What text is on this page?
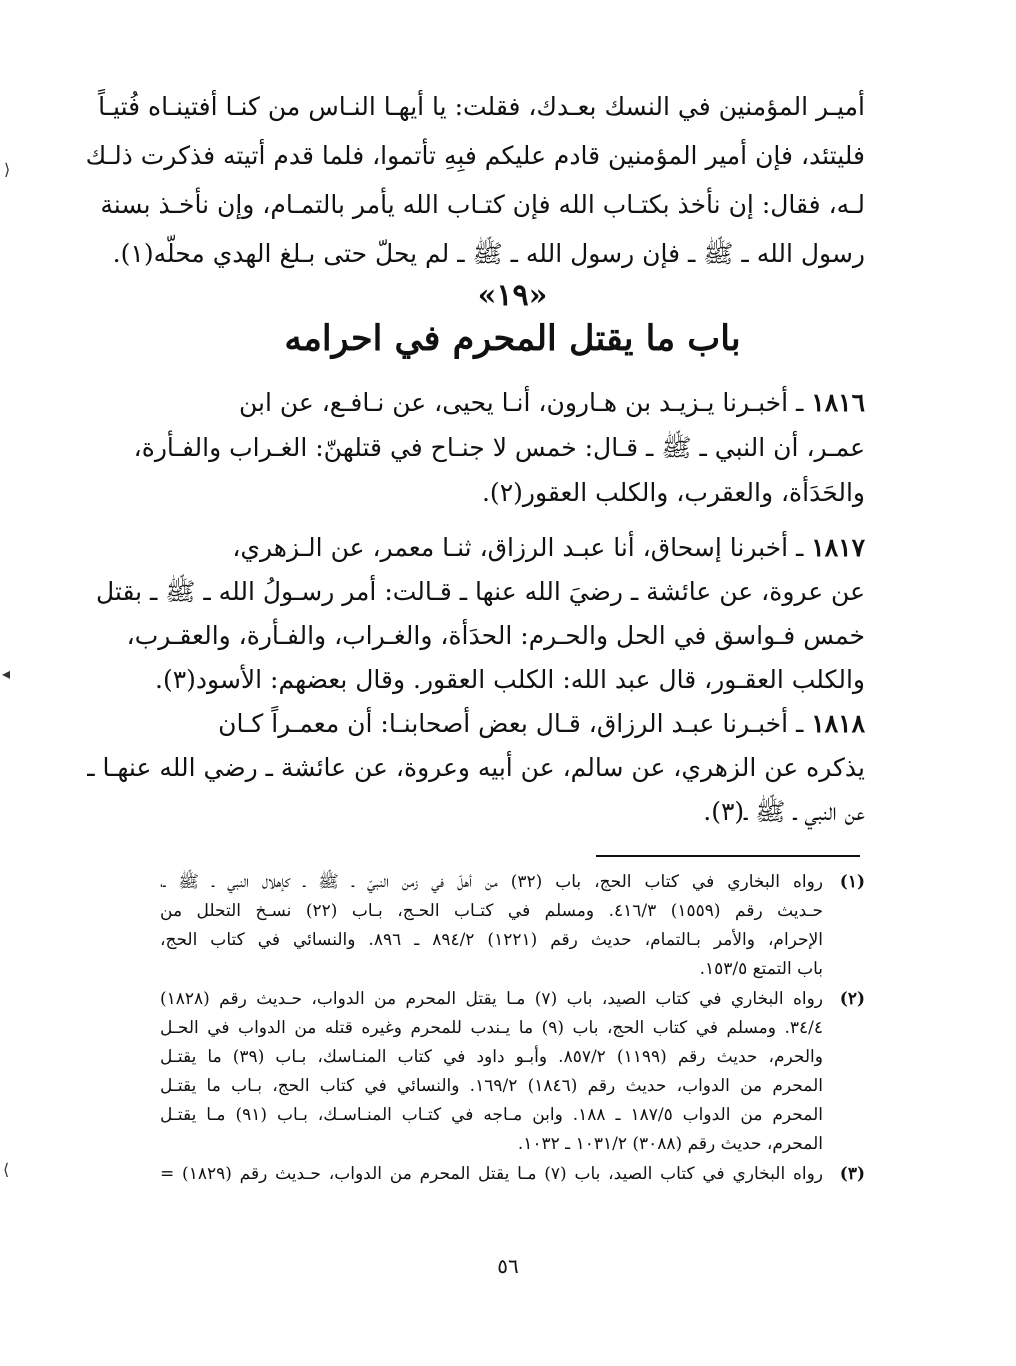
أميـر المؤمنين في النسك بعـدك، فقلت: يا أيهـا النـاس من كنـا أفتينـاه فُتيـاً
فليتئد، فإن أمير المؤمنين قادم عليكم فبِهِ تأتموا، فلما قدم أتيته فذكرت ذلـك
لـه، فقال: إن نأخذ بكتـاب الله فإن كتـاب الله يأمر بالتمـام، وإن نأخـذ بسنة
رسول الله ـ ﷺ ـ فإن رسول الله ـ ﷺ ـ لم يحلّ حتى بـلغ الهدي محلّه(١).
«١٩»
باب ما يقتل المحرم في احرامه
١٨١٦ ـ أخبـرنا يـزيـد بن هـارون، أنـا يحيى، عن نـافـع، عن ابن
عمـر، أن النبي ـ ﷺ ـ قـال: خمس لا جنـاح في قتلهنّ: الغـراب والفـأرة،
والحَدَأة، والعقرب، والكلب العقور(٢).
١٨١٧ ـ أخبرنا إسحاق، أنا عبـد الرزاق، ثنـا معمر، عن الـزهري،
عن عروة، عن عائشة ـ رضيَ الله عنها ـ قـالت: أمر رسـولُ الله ـ ﷺ ـ بقتل
خمس فـواسق في الحل والحـرم: الحدَأة، والغـراب، والفـأرة، والعقـرب،
والكلب العقـور، قال عبد الله: الكلب العقور. وقال بعضهم: الأسود(٣).
١٨١٨ ـ أخبـرنا عبـد الرزاق، قـال بعض أصحابنـا: أن معمـراً كـان
يذكره عن الزهري، عن سالم، عن أبيه وعروة، عن عائشة ـ رضي الله عنهـا ـ
عن النبي ـ ﷺ ـ(٣).
(١)
رواه البخاري في كتاب الحج، باب (٣٢) من أهلّ في زمن النبيّ ـ ﷺ ـ كإهلال النبي ـ ﷺ ـ،
حـديث رقم (١٥٥٩) ٤١٦/٣. ومسلم في كتـاب الحـج، بـاب (٢٢) نسـخ التحلل من
الإحرام، والأمر بـالتمام، حديث رقم (١٢٢١) ٨٩٤/٢ ـ ٨٩٦. والنسائي في كتاب الحج،
باب التمتع ١٥٣/٥.
(٢)
رواه البخاري في كتاب الصيد، باب (٧) مـا يقتل المحرم من الدواب، حـديث رقم (١٨٢٨)
٣٤/٤. ومسلم في كتاب الحج، باب (٩) ما يـندب للمحرم وغيره قتله من الدواب في الحـل
والحرم، حديث رقم (١١٩٩) ٨٥٧/٢. وأبـو داود في كتاب المنـاسك، بـاب (٣٩) ما يقتـل
المحرم من الدواب، حديث رقم (١٨٤٦) ١٦٩/٢. والنسائي في كتاب الحج، بـاب ما يقتـل
المحرم من الدواب ١٨٧/٥ ـ ١٨٨. وابن مـاجه في كتـاب المنـاسـك، بـاب (٩١) مـا يقتـل
المحرم، حديث رقم (٣٠٨٨) ١٠٣١/٢ ـ ١٠٣٢.
(٣)
رواه البخاري في كتاب الصيد، باب (٧) مـا يقتل المحرم من الدواب، حـديث رقم (١٨٢٩) =
٥٦
⟩
◂
⟨
